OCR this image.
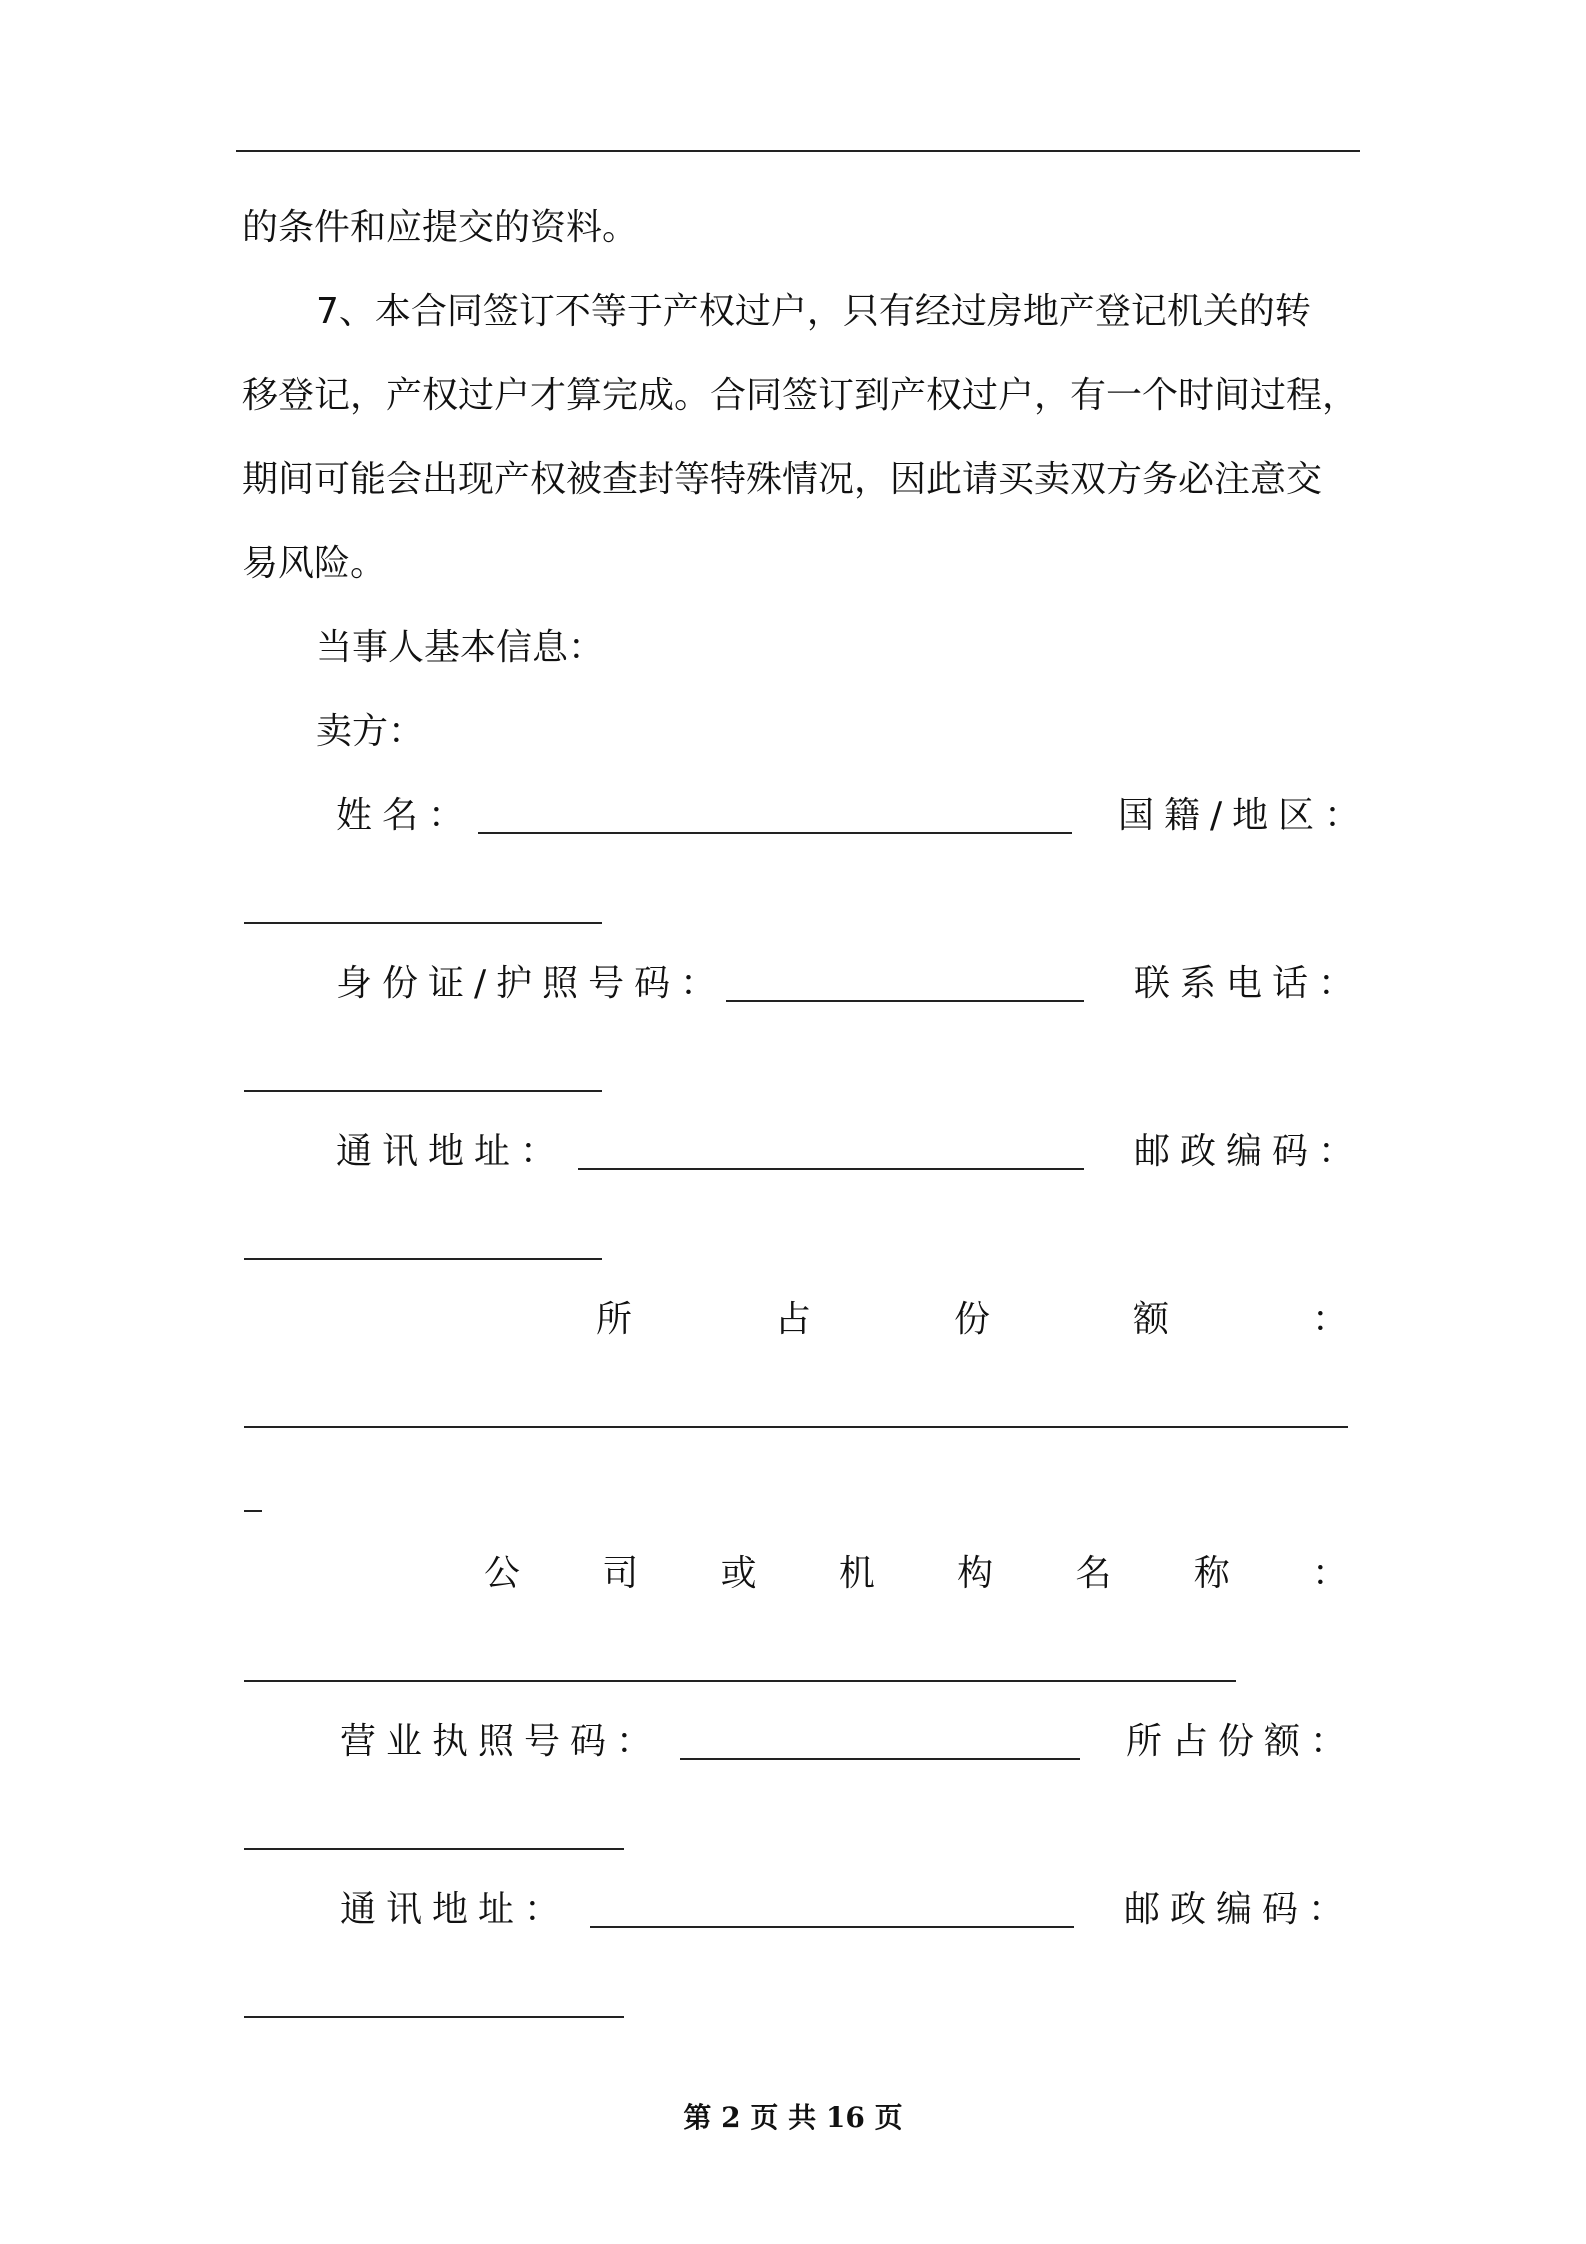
的条件和应提交的资料。
7、本合同签订不等于产权过户，只有经过房地产登记机关的转
移登记，产权过户才算完成。合同签订到产权过户，有一个时间过程，
期间可能会出现产权被查封等特殊情况，因此请买卖双方务必注意交
易风险。
当事人基本信息：
卖方：
姓名：	国籍/地区：
身份证/护照号码：	联系电话：
通讯地址：	邮政编码：
所	占	份	额	：
公 司 或 机 构 名 称 ：
营业执照号码：	所占份额：
通讯地址：	邮政编码：
第 2 页 共 16 页
